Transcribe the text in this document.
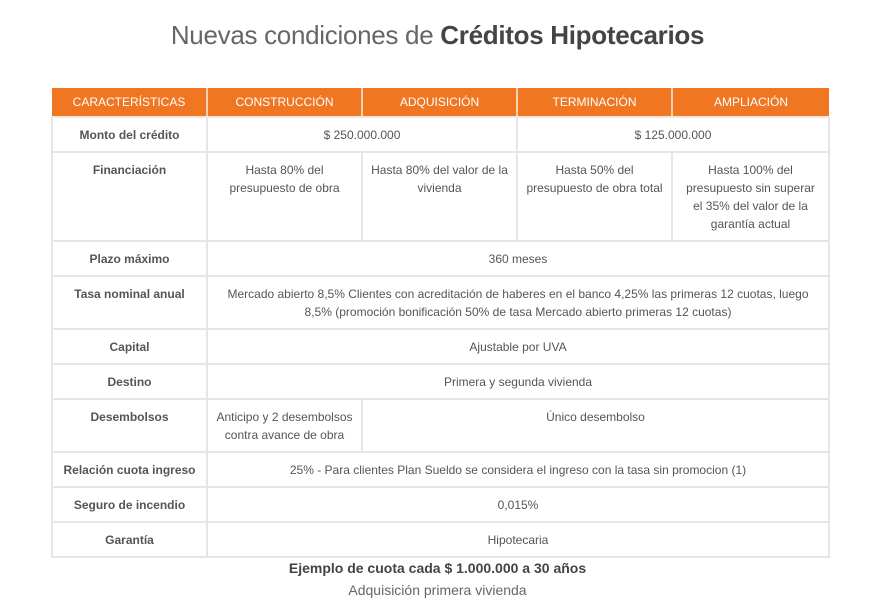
Nuevas condiciones de Créditos Hipotecarios
CARACTERÍSTICAS	CONSTRUCCIÓN	ADQUISICIÓN	TERMINACIÓN	AMPLIACIÓN
Monto del crédito	$ 250.000.000		$ 125.000.000	
Financiación	Hasta 80% del presupuesto de obra	Hasta 80% del valor de la vivienda	Hasta 50% del presupuesto de obra total	Hasta 100% del presupuesto sin superar el 35% del valor de la garantía actual
Plazo máximo	360 meses			
Tasa nominal anual	Mercado abierto 8,5% Clientes con acreditación de haberes en el banco 4,25% las primeras 12 cuotas, luego 8,5% (promoción bonificación 50% de tasa Mercado abierto primeras 12 cuotas)			
Capital	Ajustable por UVA			
Destino	Primera y segunda vivienda			
Desembolsos	Anticipo y 2 desembolsos contra avance de obra	Único desembolso		
Relación cuota ingreso	25% - Para clientes Plan Sueldo se considera el ingreso con la tasa sin promocion (1)			
Seguro de incendio	0,015%			
Garantía	Hipotecaria			
Ejemplo de cuota cada $ 1.000.000 a 30 años
Adquisición primera vivienda
